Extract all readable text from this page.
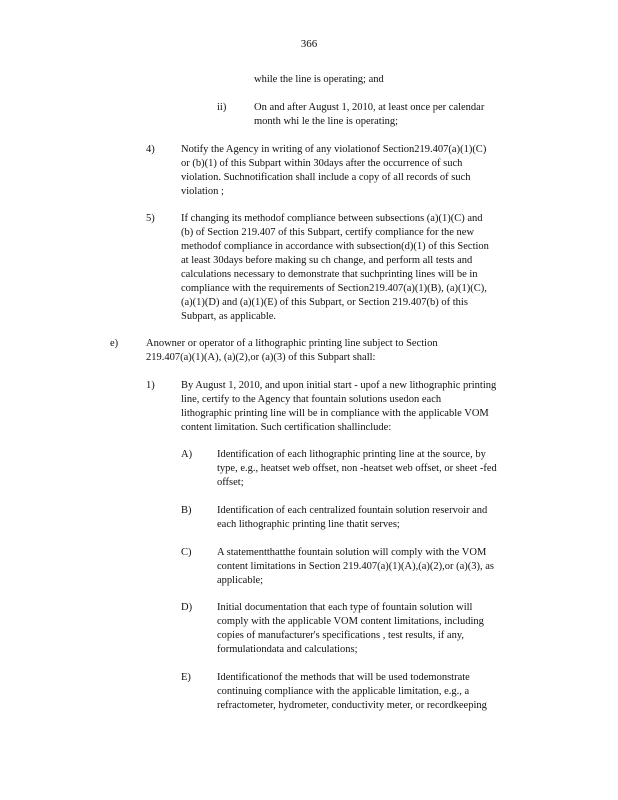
366
while the line is operating; and
ii)	On and after August 1, 2010, at least once per calendar
month whi le the line is operating;
4)	Notify the Agency in writing of any violationof Section219.407(a)(1)(C)
or (b)(1) of this Subpart within 30days after the occurrence of such
violation. Suchnotification shall include a copy of all records of such
violation ;
5)	If changing its methodof compliance between subsections (a)(1)(C) and
(b) of Section 219.407 of this Subpart, certify compliance for the new
methodof compliance in accordance with subsection(d)(1) of this Section
at least 30days before making su ch change, and perform all tests and
calculations necessary to demonstrate that suchprinting lines will be in
compliance with the requirements of Section219.407(a)(1)(B), (a)(1)(C),
(a)(1)(D) and (a)(1)(E) of this Subpart, or Section 219.407(b) of this
Subpart, as applicable.
e)	Anowner or operator of a lithographic printing line subject to Section
219.407(a)(1)(A), (a)(2),or (a)(3) of this Subpart shall:
1)	By August 1, 2010, and upon initial start - upof a new lithographic printing
line, certify to the Agency that fountain solutions usedon each
lithographic printing line will be in compliance with the applicable VOM
content limitation. Such certification shallinclude:
A) Identification of each lithographic printing line at the source, by
type, e.g., heatset web offset, non -heatset web offset, or sheet -fed
offset;
B) Identification of each centralized fountain solution reservoir and
each lithographic printing line thatit serves;
C) A statementthatthe fountain solution will comply with the VOM
content limitations in Section 219.407(a)(1)(A),(a)(2),or (a)(3), as
applicable;
D) Initial documentation that each type of fountain solution will
comply with the applicable VOM content limitations, including
copies of manufacturer's specifications , test results, if any,
formulationdata and calculations;
E) Identificationof the methods that will be used todemonstrate
continuing compliance with the applicable limitation, e.g., a
refractometer, hydrometer, conductivity meter, or recordkeeping
